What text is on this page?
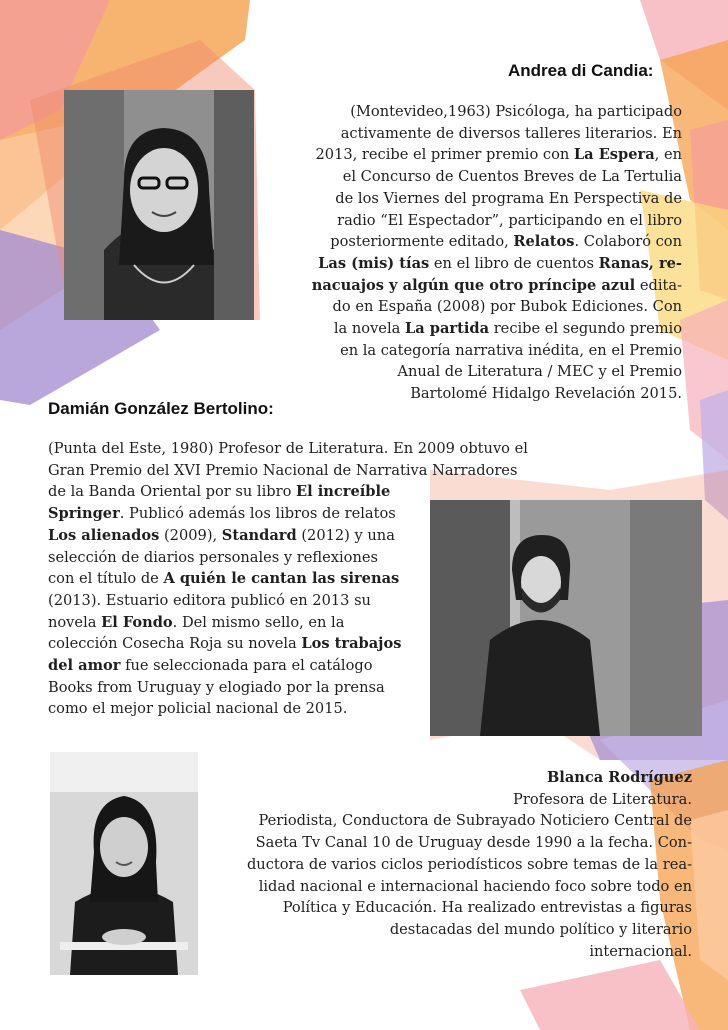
Andrea di Candia:
(Montevideo,1963) Psicóloga, ha participado
activamente de diversos talleres literarios. En
2013, recibe el primer premio con La Espera, en
el Concurso de Cuentos Breves de La Tertulia
de los Viernes del programa En Perspectiva de
radio “El Espectador”, participando en el libro
posteriormente editado, Relatos. Colaboró con
Las (mis) tías en el libro de cuentos Ranas, re-
nacuajos y algún que otro príncipe azul edita-
do en España (2008) por Bubok Ediciones. Con
la novela La partida recibe el segundo premio
en la categoría narrativa inédita, en el Premio
Anual de Literatura / MEC y el Premio
Bartolomé Hidalgo Revelación 2015.
Damián González Bertolino:
(Punta del Este, 1980) Profesor de Literatura. En 2009 obtuvo el
Gran Premio del XVI Premio Nacional de Narrativa Narradores
de la Banda Oriental por su libro El increíble
Springer. Publicó además los libros de relatos
Los alienados (2009), Standard (2012) y una
selección de diarios personales y reflexiones
con el título de A quién le cantan las sirenas
(2013). Estuario editora publicó en 2013 su
novela El Fondo. Del mismo sello, en la
colección Cosecha Roja su novela Los trabajos
del amor fue seleccionada para el catálogo
Books from Uruguay y elogiado por la prensa
como el mejor policial nacional de 2015.
Blanca Rodríguez
Profesora de Literatura.
Periodista, Conductora de Subrayado Noticiero Central de
Saeta Tv Canal 10 de Uruguay desde 1990 a la fecha. Con-
ductora de varios ciclos periodísticos sobre temas de la rea-
lidad nacional e internacional haciendo foco sobre todo en
Política y Educación. Ha realizado entrevistas a figuras
destacadas del mundo político y literario
internacional.
